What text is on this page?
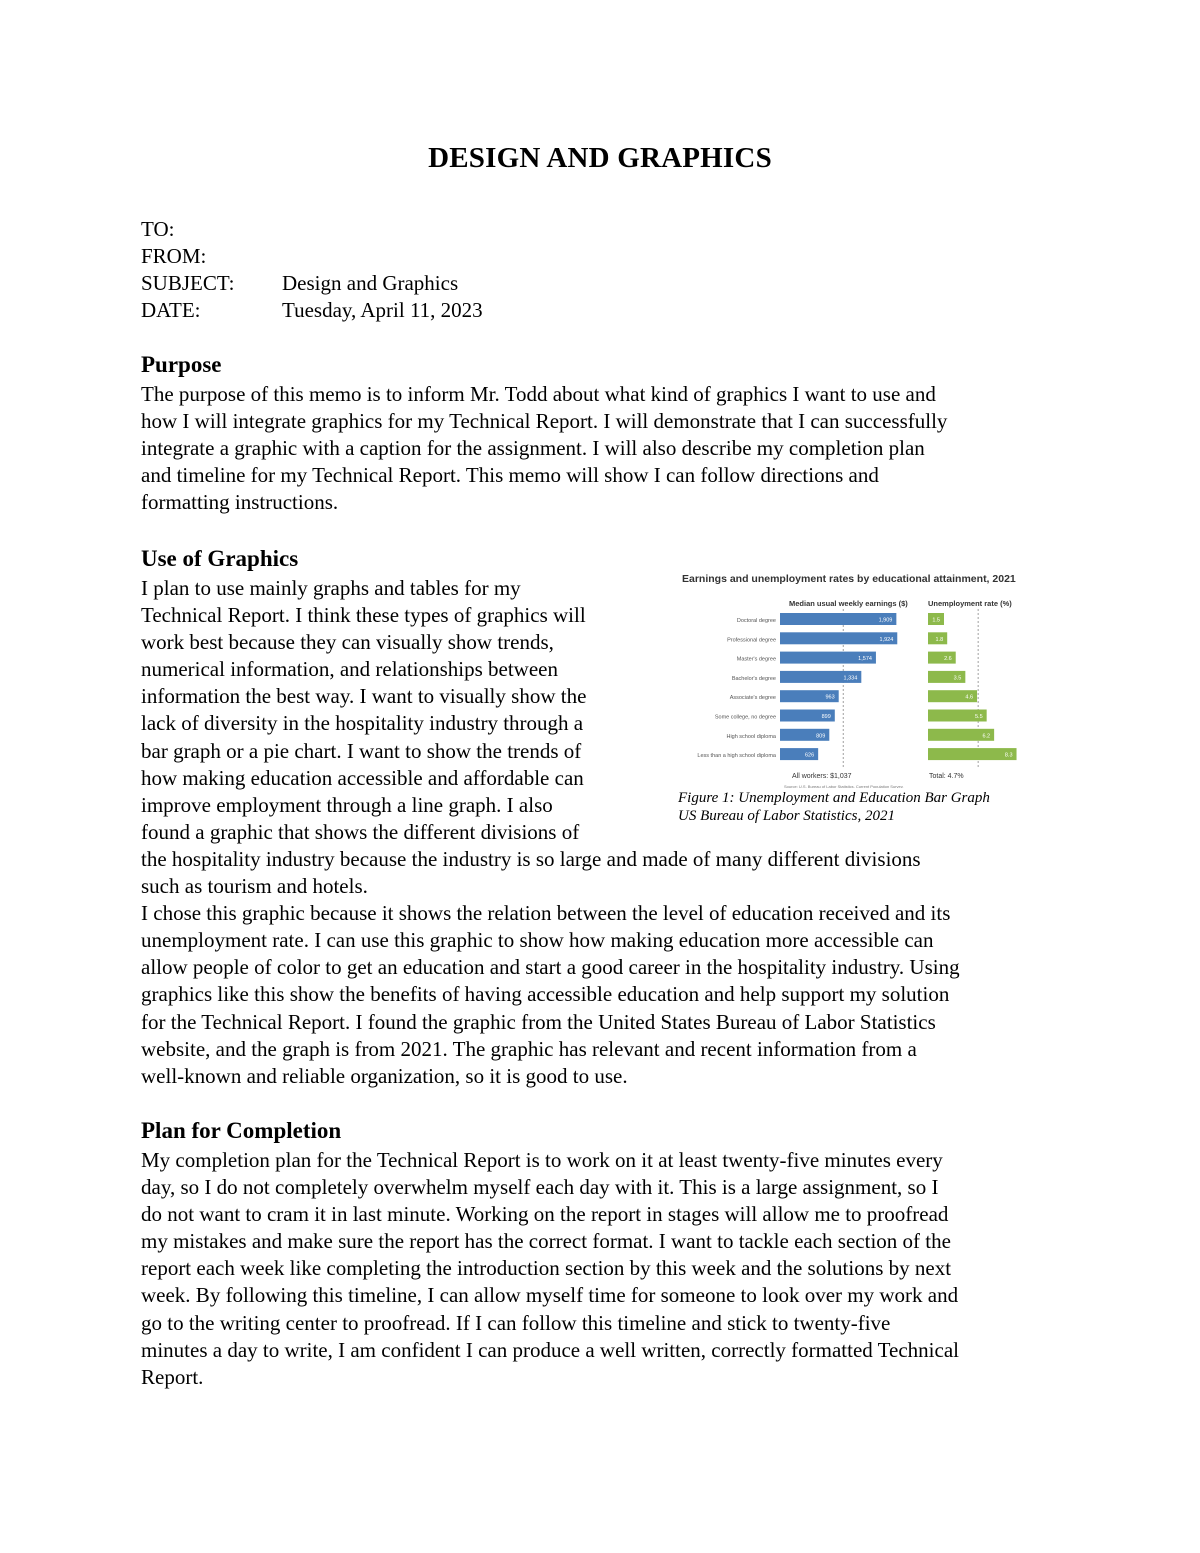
DESIGN AND GRAPHICS
TO:
FROM:
SUBJECT:	Design and Graphics
DATE:	Tuesday, April 11, 2023
Purpose
The purpose of this memo is to inform Mr. Todd about what kind of graphics I want to use and
how I will integrate graphics for my Technical Report. I will demonstrate that I can successfully
integrate a graphic with a caption for the assignment. I will also describe my completion plan
and timeline for my Technical Report. This memo will show I can follow directions and
formatting instructions.
Use of Graphics
I plan to use mainly graphs and tables for my
Technical Report. I think these types of graphics will
work best because they can visually show trends,
numerical information, and relationships between
information the best way. I want to visually show the
lack of diversity in the hospitality industry through a
bar graph or a pie chart. I want to show the trends of
how making education accessible and affordable can
improve employment through a line graph. I also
found a graphic that shows the different divisions of
the hospitality industry because the industry is so large and made of many different divisions
such as tourism and hotels.
I chose this graphic because it shows the relation between the level of education received and its
unemployment rate. I can use this graphic to show how making education more accessible can
allow people of color to get an education and start a good career in the hospitality industry. Using
graphics like this show the benefits of having accessible education and help support my solution
for the Technical Report. I found the graphic from the United States Bureau of Labor Statistics
website, and the graph is from 2021. The graphic has relevant and recent information from a
well-known and reliable organization, so it is good to use.
Earnings and unemployment rates by educational attainment, 2021
Median usual weekly earnings ($)	Unemployment rate (%)
Doctoral degree	1,909	1.5
Professional degree	1,924	1.8
Master's degree	1,574	2.6
Bachelor's degree	1,334	3.5
Associate's degree	963	4.6
Some college, no degree	899	5.5
High school diploma	809	6.2
Less than a high school diploma	626	8.3
All workers: $1,037	Total: 4.7%
Source: U.S. Bureau of Labor Statistics, Current Population Survey.
Figure 1: Unemployment and Education Bar Graph
US Bureau of Labor Statistics, 2021
Plan for Completion
My completion plan for the Technical Report is to work on it at least twenty-five minutes every
day, so I do not completely overwhelm myself each day with it. This is a large assignment, so I
do not want to cram it in last minute. Working on the report in stages will allow me to proofread
my mistakes and make sure the report has the correct format. I want to tackle each section of the
report each week like completing the introduction section by this week and the solutions by next
week. By following this timeline, I can allow myself time for someone to look over my work and
go to the writing center to proofread. If I can follow this timeline and stick to twenty-five
minutes a day to write, I am confident I can produce a well written, correctly formatted Technical
Report.
